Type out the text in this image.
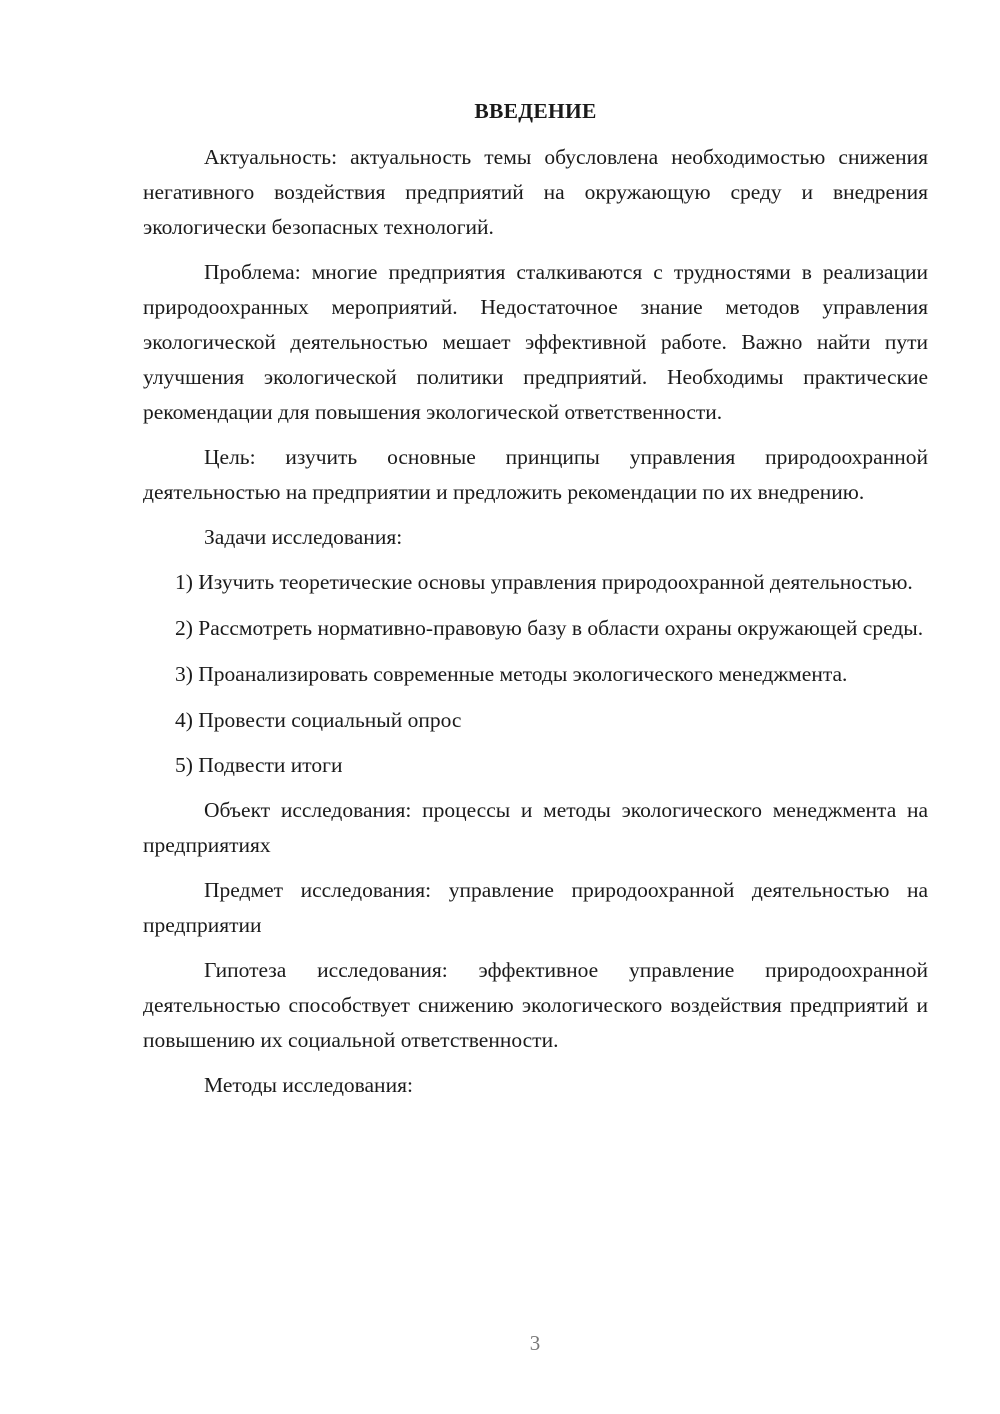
ВВЕДЕНИЕ

Актуальность: актуальность темы обусловлена необходимостью снижения негативного воздействия предприятий на окружающую среду и внедрения экологически безопасных технологий.

Проблема: многие предприятия сталкиваются с трудностями в реализации природоохранных мероприятий. Недостаточное знание методов управления экологической деятельностью мешает эффективной работе. Важно найти пути улучшения экологической политики предприятий. Необходимы практические рекомендации для повышения экологической ответственности.

Цель: изучить основные принципы управления природоохранной деятельностью на предприятии и предложить рекомендации по их внедрению.

Задачи исследования:

1) Изучить теоретические основы управления природоохранной деятельностью.

2) Рассмотреть нормативно-правовую базу в области охраны окружающей среды.

3) Проанализировать современные методы экологического менеджмента.

4) Провести социальный опрос

5) Подвести итоги

Объект исследования: процессы и методы экологического менеджмента на предприятиях

Предмет исследования: управление природоохранной деятельностью на предприятии

Гипотеза исследования: эффективное управление природоохранной деятельностью способствует снижению экологического воздействия предприятий и повышению их социальной ответственности.

Методы исследования:

3
